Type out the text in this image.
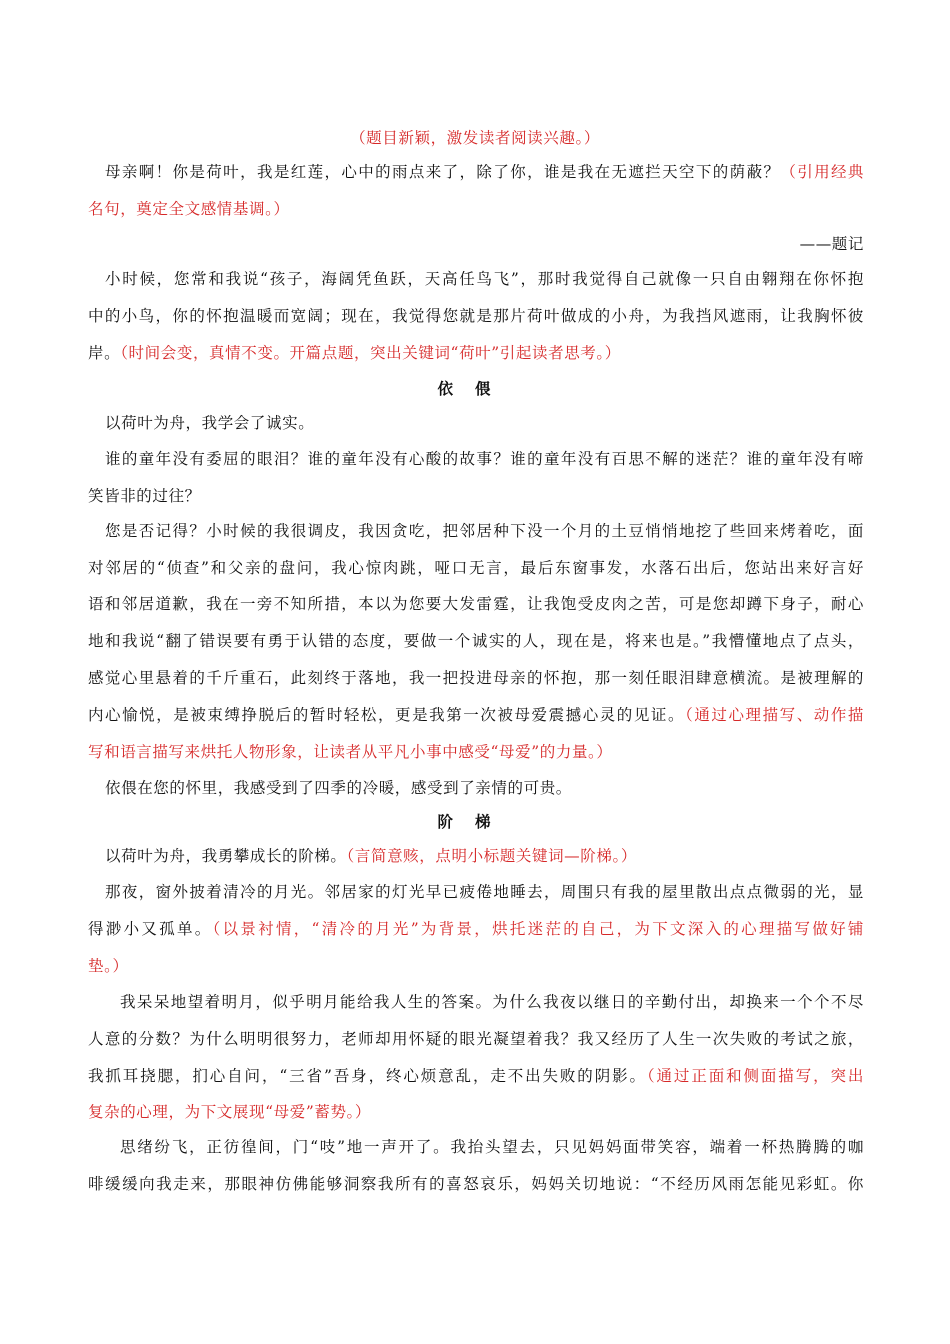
（题目新颖，激发读者阅读兴趣。）
母亲啊！你是荷叶，我是红莲，心中的雨点来了，除了你，谁是我在无遮拦天空下的荫蔽？（引用经典
名句，奠定全文感情基调。）
——题记
小时候，您常和我说“孩子，海阔凭鱼跃，天高任鸟飞”，那时我觉得自己就像一只自由翱翔在你怀抱
中的小鸟，你的怀抱温暖而宽阔；现在，我觉得您就是那片荷叶做成的小舟，为我挡风遮雨，让我胸怀彼
岸。（时间会变，真情不变。开篇点题，突出关键词“荷叶”引起读者思考。）
依偎
以荷叶为舟，我学会了诚实。
谁的童年没有委屈的眼泪？谁的童年没有心酸的故事？谁的童年没有百思不解的迷茫？谁的童年没有啼
笑皆非的过往？
您是否记得？小时候的我很调皮，我因贪吃，把邻居种下没一个月的土豆悄悄地挖了些回来烤着吃，面
对邻居的“侦查”和父亲的盘问，我心惊肉跳，哑口无言，最后东窗事发，水落石出后，您站出来好言好
语和邻居道歉，我在一旁不知所措，本以为您要大发雷霆，让我饱受皮肉之苦，可是您却蹲下身子，耐心
地和我说“翻了错误要有勇于认错的态度，要做一个诚实的人，现在是，将来也是。”我懵懂地点了点头，
感觉心里悬着的千斤重石，此刻终于落地，我一把投进母亲的怀抱，那一刻任眼泪肆意横流。是被理解的
内心愉悦，是被束缚挣脱后的暂时轻松，更是我第一次被母爱震撼心灵的见证。（通过心理描写、动作描
写和语言描写来烘托人物形象，让读者从平凡小事中感受“母爱”的力量。）
依偎在您的怀里，我感受到了四季的冷暖，感受到了亲情的可贵。
阶梯
以荷叶为舟，我勇攀成长的阶梯。（言简意赅，点明小标题关键词—阶梯。）
那夜，窗外披着清冷的月光。邻居家的灯光早已疲倦地睡去，周围只有我的屋里散出点点微弱的光，显
得渺小又孤单。（以景衬情，“清冷的月光”为背景，烘托迷茫的自己，为下文深入的心理描写做好铺
垫。）
我呆呆地望着明月，似乎明月能给我人生的答案。为什么我夜以继日的辛勤付出，却换来一个个不尽
人意的分数？为什么明明很努力，老师却用怀疑的眼光凝望着我？我又经历了人生一次失败的考试之旅，
我抓耳挠腮，扪心自问，“三省”吾身，终心烦意乱，走不出失败的阴影。（通过正面和侧面描写，突出
复杂的心理，为下文展现“母爱”蓄势。）
思绪纷飞，正彷徨间，门“吱”地一声开了。我抬头望去，只见妈妈面带笑容，端着一杯热腾腾的咖
啡缓缓向我走来，那眼神仿佛能够洞察我所有的喜怒哀乐，妈妈关切地说：“不经历风雨怎能见彩虹。你
